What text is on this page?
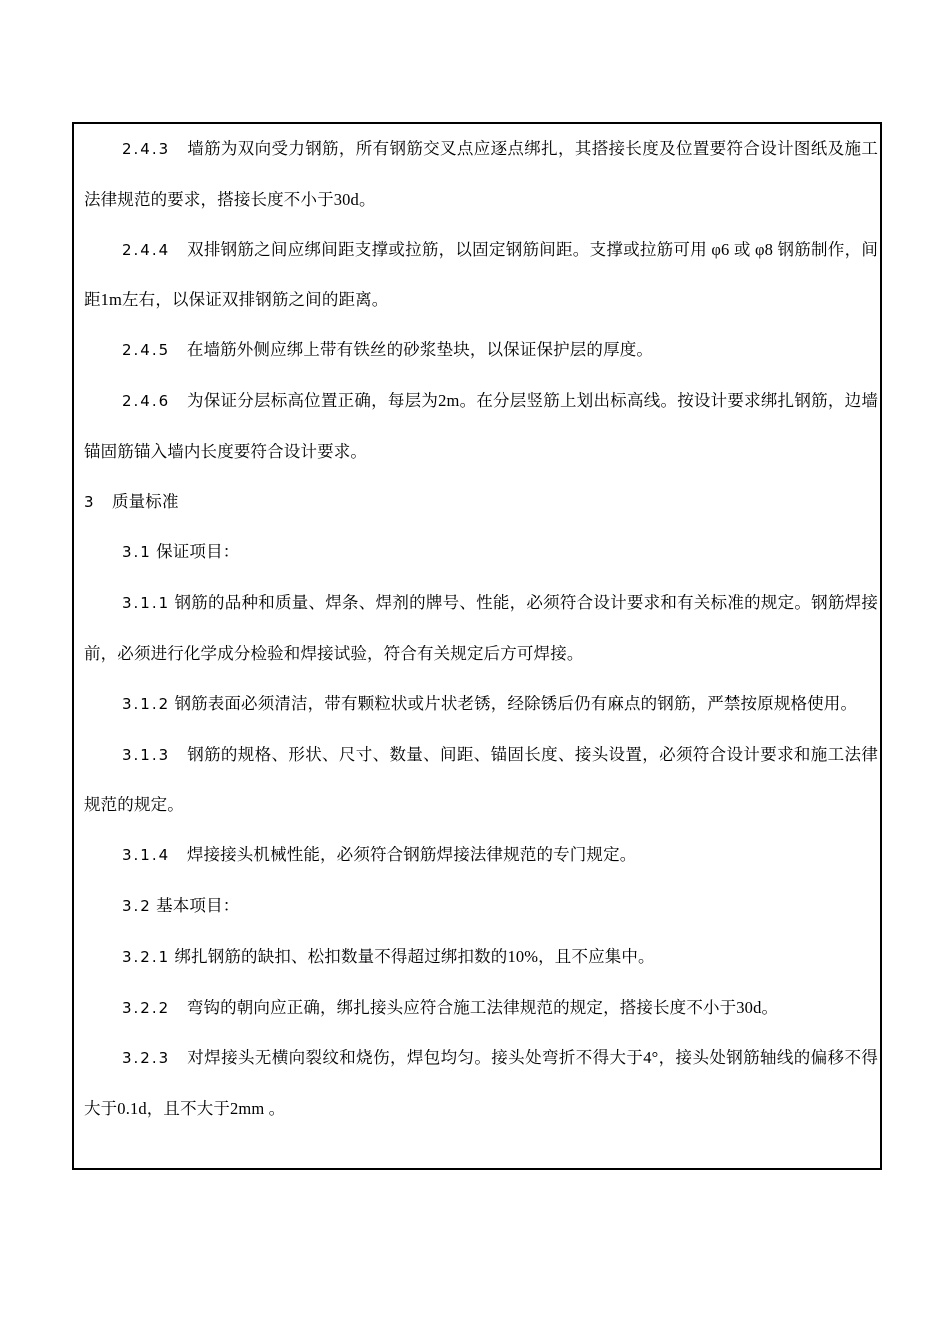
2.4.3　墙筋为双向受力钢筋，所有钢筋交叉点应逐点绑扎，其搭接长度及位置要符合设计图纸及施工法律规范的要求，搭接长度不小于30d。

2.4.4　双排钢筋之间应绑间距支撑或拉筋，以固定钢筋间距。支撑或拉筋可用 φ6 或 φ8 钢筋制作，间距1m左右，以保证双排钢筋之间的距离。

2.4.5　在墙筋外侧应绑上带有铁丝的砂浆垫块，以保证保护层的厚度。

2.4.6　为保证分层标高位置正确，每层为2m。在分层竖筋上划出标高线。按设计要求绑扎钢筋，边墙锚固筋锚入墙内长度要符合设计要求。

3 质量标准

3.1 保证项目：

3.1.1 钢筋的品种和质量、焊条、焊剂的牌号、性能，必须符合设计要求和有关标准的规定。钢筋焊接前，必须进行化学成分检验和焊接试验，符合有关规定后方可焊接。

3.1.2 钢筋表面必须清洁，带有颗粒状或片状老锈，经除锈后仍有麻点的钢筋，严禁按原规格使用。

3.1.3　钢筋的规格、形状、尺寸、数量、间距、锚固长度、接头设置，必须符合设计要求和施工法律规范的规定。

3.1.4　焊接接头机械性能，必须符合钢筋焊接法律规范的专门规定。

3.2 基本项目：

3.2.1 绑扎钢筋的缺扣、松扣数量不得超过绑扣数的10%，且不应集中。

3.2.2　弯钩的朝向应正确，绑扎接头应符合施工法律规范的规定，搭接长度不小于30d。

3.2.3　对焊接头无横向裂纹和烧伤，焊包均匀。接头处弯折不得大于4°，接头处钢筋轴线的偏移不得大于0.1d，且不大于2mm 。
